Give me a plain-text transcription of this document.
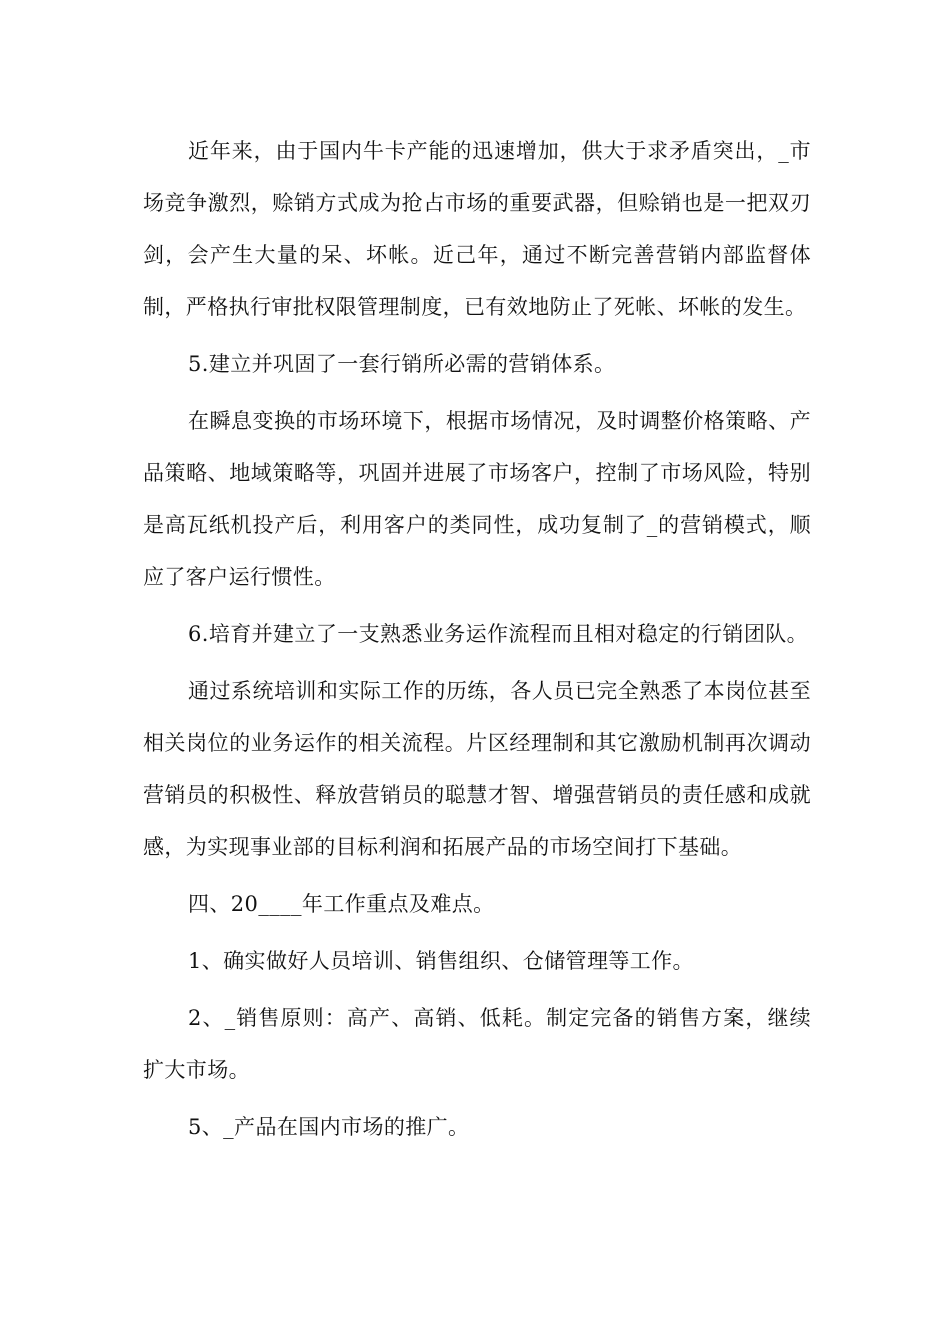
近年来，由于国内牛卡产能的迅速增加，供大于求矛盾突出，_市场竞争激烈，赊销方式成为抢占市场的重要武器，但赊销也是一把双刃剑，会产生大量的呆、坏帐。近己年，通过不断完善营销内部监督体制，严格执行审批权限管理制度，已有效地防止了死帐、坏帐的发生。

5.建立并巩固了一套行销所必需的营销体系。

在瞬息变换的市场环境下，根据市场情况，及时调整价格策略、产品策略、地域策略等，巩固并进展了市场客户，控制了市场风险，特别是高瓦纸机投产后，利用客户的类同性，成功复制了_的营销模式，顺应了客户运行惯性。

6.培育并建立了一支熟悉业务运作流程而且相对稳定的行销团队。

通过系统培训和实际工作的历练，各人员已完全熟悉了本岗位甚至相关岗位的业务运作的相关流程。片区经理制和其它激励机制再次调动营销员的积极性、释放营销员的聪慧才智、增强营销员的责任感和成就感，为实现事业部的目标利润和拓展产品的市场空间打下基础。

四、20____年工作重点及难点。

1、确实做好人员培训、销售组织、仓储管理等工作。

2、_销售原则：高产、高销、低耗。制定完备的销售方案，继续扩大市场。

5、_产品在国内市场的推广。
